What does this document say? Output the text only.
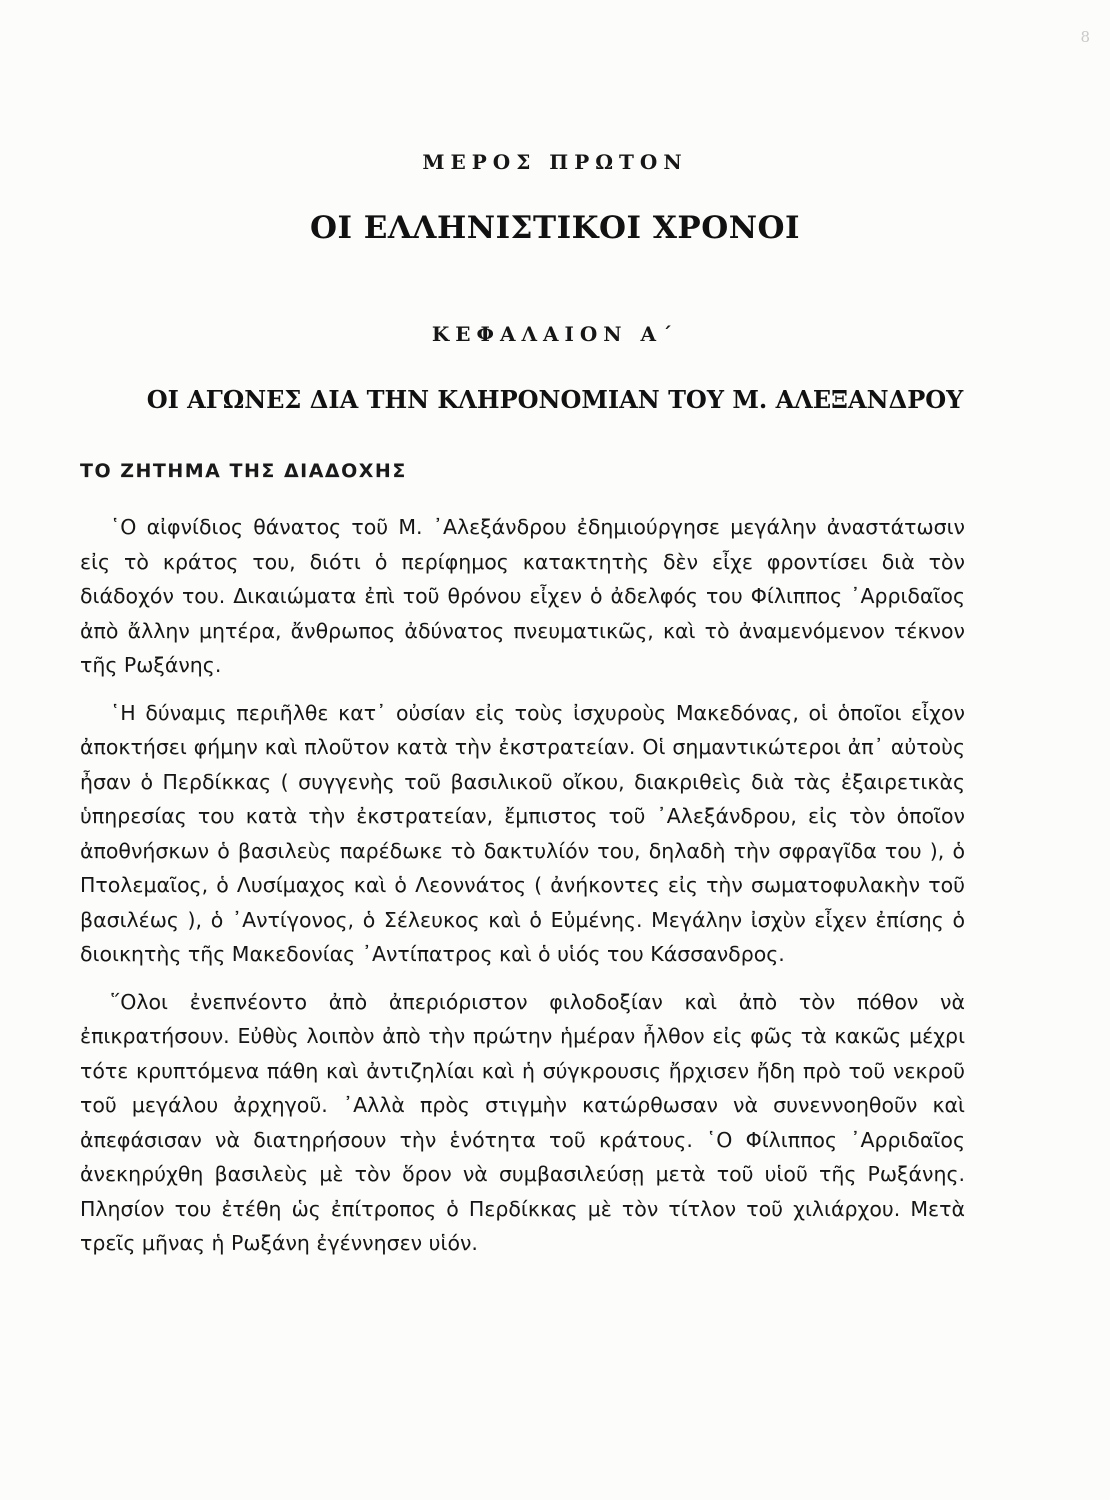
8
ΜΕΡΟΣ ΠΡΩΤΟΝ
ΟΙ ΕΛΛΗΝΙΣΤΙΚΟΙ ΧΡΟΝΟΙ
ΚΕΦΑΛΑΙΟΝ Α΄
ΟΙ ΑΓΩΝΕΣ ΔΙΑ ΤΗΝ ΚΛΗΡΟΝΟΜΙΑΝ ΤΟΥ Μ. ΑΛΕΞΑΝΔΡΟΥ
ΤΟ ΖΗΤΗΜΑ ΤΗΣ ΔΙΑΔΟΧΗΣ

῾Ο αἰφνίδιος θάνατος τοῦ Μ. ᾿Αλεξάνδρου ἐδημιούργησε μεγάλην ἀναστάτωσιν εἰς τὸ κράτος του, διότι ὁ περίφημος κατακτητὴς δὲν εἶχε φροντίσει διὰ τὸν διάδοχόν του. Δικαιώματα ἐπὶ τοῦ θρόνου εἶχεν ὁ ἀδελφός του Φίλιππος ᾿Αρριδαῖος ἀπὸ ἄλλην μητέρα, ἄνθρωπος ἀδύνατος πνευματικῶς, καὶ τὸ ἀναμενόμενον τέκνον τῆς Ρωξάνης.

῾Η δύναμις περιῆλθε κατ᾿ οὐσίαν εἰς τοὺς ἰσχυροὺς Μακεδόνας, οἱ ὁποῖοι εἶχον ἀποκτήσει φήμην καὶ πλοῦτον κατὰ τὴν ἐκστρατείαν. Οἱ σημαντικώτεροι ἀπ᾿ αὐτοὺς ἦσαν ὁ Περδίκκας ( συγγενὴς τοῦ βασιλικοῦ οἴκου, διακριθεὶς διὰ τὰς ἐξαιρετικὰς ὑπηρεσίας του κατὰ τὴν ἐκστρατείαν, ἔμπιστος τοῦ ᾿Αλεξάνδρου, εἰς τὸν ὁποῖον ἀποθνήσκων ὁ βασιλεὺς παρέδωκε τὸ δακτυλίόν του, δηλαδὴ τὴν σφραγῖδα του ), ὁ Πτολεμαῖος, ὁ Λυσίμαχος καὶ ὁ Λεοννάτος ( ἀνήκοντες εἰς τὴν σωματοφυλακὴν τοῦ βασιλέως ), ὁ ᾿Αντίγονος, ὁ Σέλευκος καὶ ὁ Εὐμένης. Μεγάλην ἰσχὺν εἶχεν ἐπίσης ὁ διοικητὴς τῆς Μακεδονίας ᾿Αντίπατρος καὶ ὁ υἱός του Κάσσανδρος.

῞Ολοι ἐνεπνέοντο ἀπὸ ἀπεριόριστον φιλοδοξίαν καὶ ἀπὸ τὸν πόθον νὰ ἐπικρατήσουν. Εὐθὺς λοιπὸν ἀπὸ τὴν πρώτην ἡμέραν ἦλθον εἰς φῶς τὰ κακῶς μέχρι τότε κρυπτόμενα πάθη καὶ ἀντιζηλίαι καὶ ἡ σύγκρουσις ἤρχισεν ἤδη πρὸ τοῦ νεκροῦ τοῦ μεγάλου ἀρχηγοῦ. ᾿Αλλὰ πρὸς στιγμὴν κατώρθωσαν νὰ συνεννοηθοῦν καὶ ἀπεφάσισαν νὰ διατηρήσουν τὴν ἑνότητα τοῦ κράτους. ῾Ο Φίλιππος ᾿Αρριδαῖος ἀνεκηρύχθη βασιλεὺς μὲ τὸν ὅρον νὰ συμβασιλεύσῃ μετὰ τοῦ υἱοῦ τῆς Ρωξάνης. Πλησίον του ἐτέθη ὡς ἐπίτροπος ὁ Περδίκκας μὲ τὸν τίτλον τοῦ χιλιάρχου. Μετὰ τρεῖς μῆνας ἡ Ρωξάνη ἐγέννησεν υἱόν.
